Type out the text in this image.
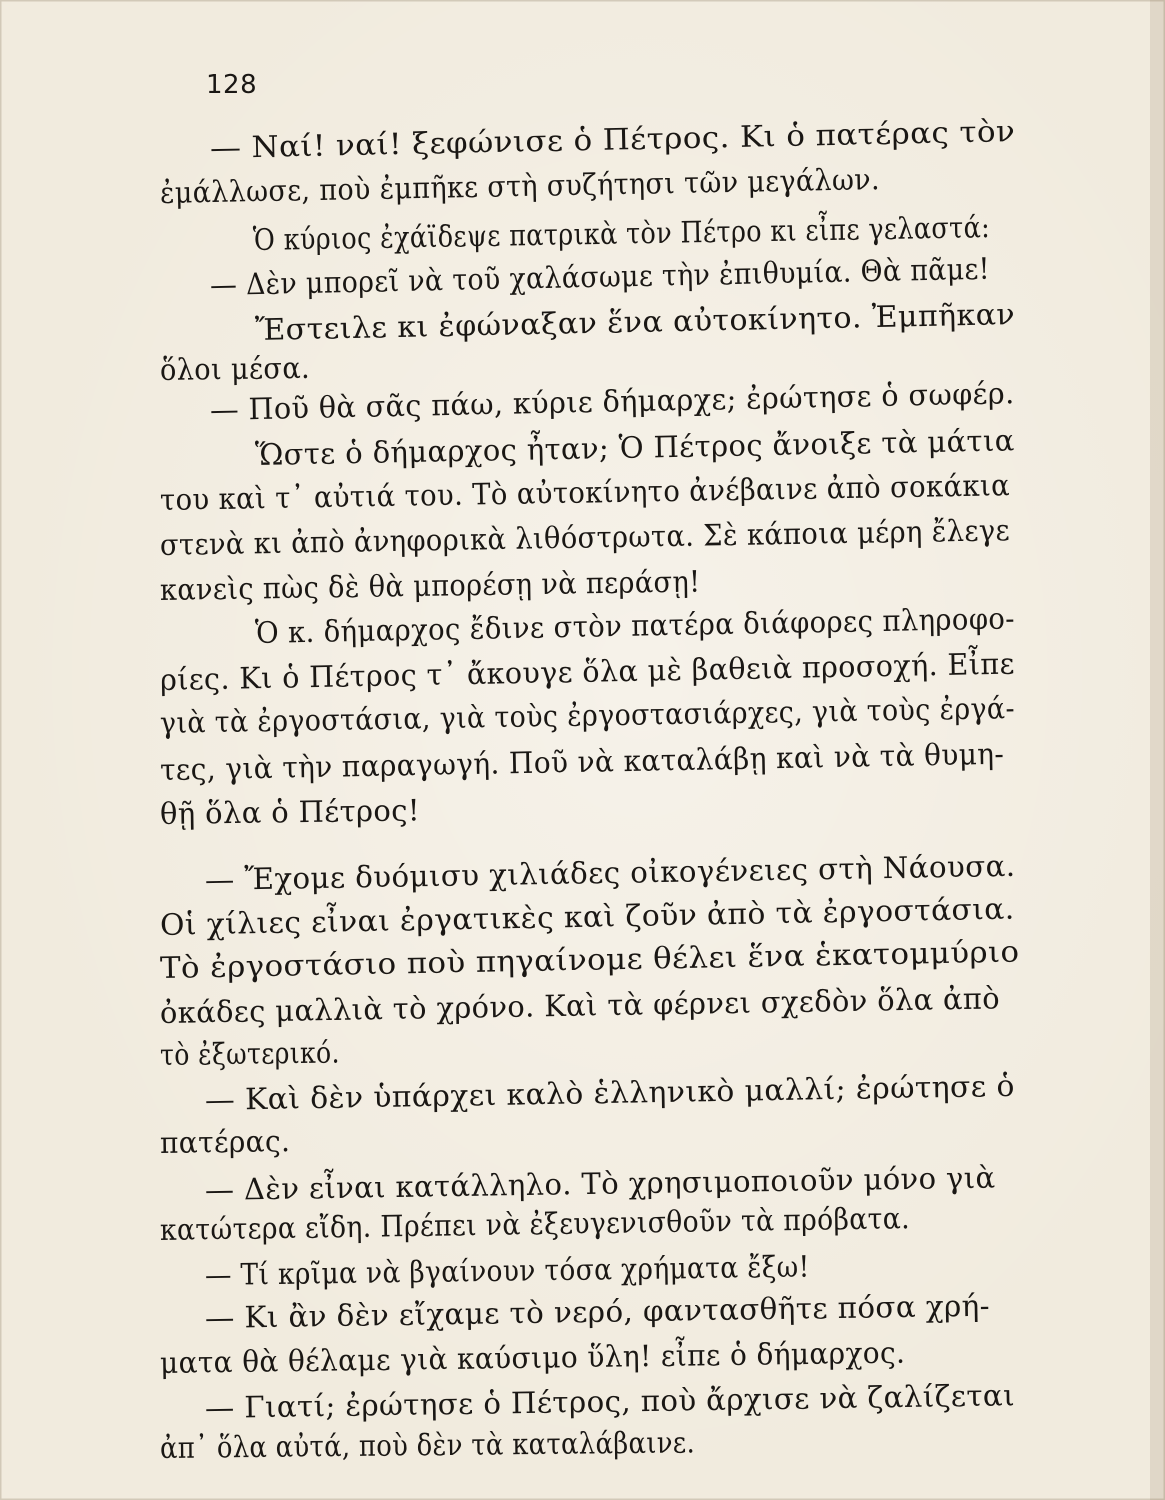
128
— Ναί! ναί! ξεφώνισε ὁ Πέτρος. Κι ὁ πατέρας τὸν
ἐμάλλωσε, ποὺ ἐμπῆκε στὴ συζήτησι τῶν μεγάλων.
Ὁ κύριος ἐχάϊδεψε πατρικὰ τὸν Πέτρο κι εἶπε γελαστά:
— Δὲν μπορεῖ νὰ τοῦ χαλάσωμε τὴν ἐπιθυμία. Θὰ πᾶμε!
Ἔστειλε κι ἐφώναξαν ἕνα αὐτοκίνητο. Ἐμπῆκαν
ὅλοι μέσα.
— Ποῦ θὰ σᾶς πάω, κύριε δήμαρχε; ἐρώτησε ὁ σωφέρ.
Ὥστε ὁ δήμαρχος ἦταν; Ὁ Πέτρος ἄνοιξε τὰ μάτια
του καὶ τ᾿ αὐτιά του. Τὸ αὐτοκίνητο ἀνέβαινε ἀπὸ σοκάκια
στενὰ κι ἀπὸ ἀνηφορικὰ λιθόστρωτα. Σὲ κάποια μέρη ἔλεγε
κανεὶς πὼς δὲ θὰ μπορέσῃ νὰ περάσῃ!
Ὁ κ. δήμαρχος ἔδινε στὸν πατέρα διάφορες πληροφο-
ρίες. Κι ὁ Πέτρος τ᾿ ἄκουγε ὅλα μὲ βαθειὰ προσοχή. Εἶπε
γιὰ τὰ ἐργοστάσια, γιὰ τοὺς ἐργοστασιάρχες, γιὰ τοὺς ἐργά-
τες, γιὰ τὴν παραγωγή. Ποῦ νὰ καταλάβῃ καὶ νὰ τὰ θυμη-
θῇ ὅλα ὁ Πέτρος!
— Ἔχομε δυόμισυ χιλιάδες οἰκογένειες στὴ Νάουσα.
Οἱ χίλιες εἶναι ἐργατικὲς καὶ ζοῦν ἀπὸ τὰ ἐργοστάσια.
Τὸ ἐργοστάσιο ποὺ πηγαίνομε θέλει ἕνα ἑκατομμύριο
ὀκάδες μαλλιὰ τὸ χρόνο. Καὶ τὰ φέρνει σχεδὸν ὅλα ἀπὸ
τὸ ἐξωτερικό.
— Καὶ δὲν ὑπάρχει καλὸ ἑλληνικὸ μαλλί; ἐρώτησε ὁ
πατέρας.
— Δὲν εἶναι κατάλληλο. Τὸ χρησιμοποιοῦν μόνο γιὰ
κατώτερα εἴδη. Πρέπει νὰ ἐξευγενισθοῦν τὰ πρόβατα.
— Τί κρῖμα νὰ βγαίνουν τόσα χρήματα ἔξω!
— Κι ἂν δὲν εἴχαμε τὸ νερό, φαντασθῆτε πόσα χρή-
ματα θὰ θέλαμε γιὰ καύσιμο ὕλη! εἶπε ὁ δήμαρχος.
— Γιατί; ἐρώτησε ὁ Πέτρος, ποὺ ἄρχισε νὰ ζαλίζεται
ἀπ᾿ ὅλα αὐτά, ποὺ δὲν τὰ καταλάβαινε.
